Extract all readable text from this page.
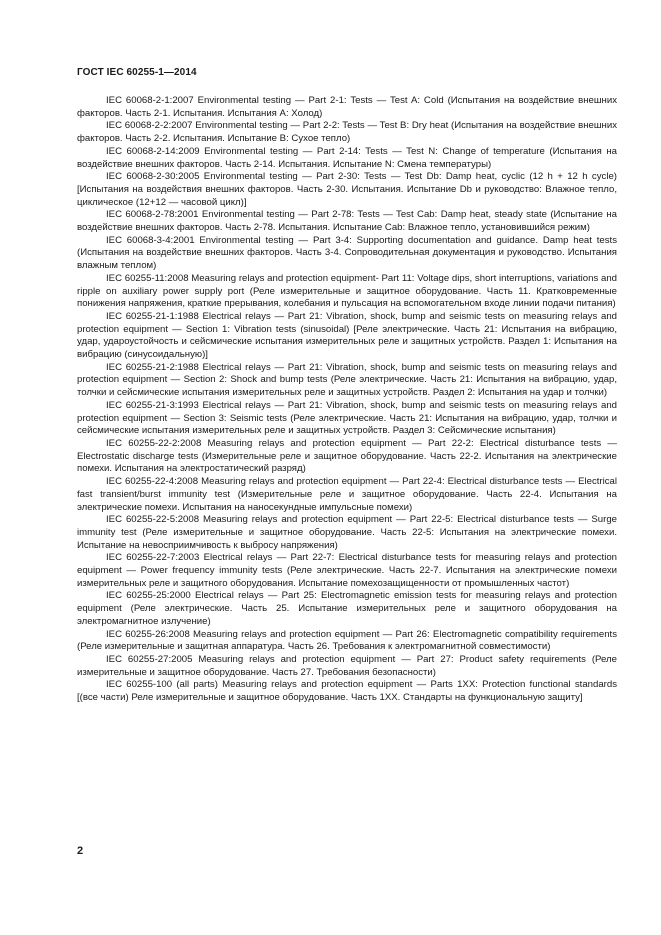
ГОСТ IEC 60255-1—2014

IEC 60068-2-1:2007 Environmental testing — Part 2-1: Tests — Test A: Cold (Испытания на воздействие внешних факторов. Часть 2-1. Испытания. Испытания А: Холод)

IEC 60068-2-2:2007 Environmental testing — Part 2-2: Tests — Test B: Dry heat (Испытания на воздействие внешних факторов. Часть 2-2. Испытания. Испытание В: Сухое тепло)

IEC 60068-2-14:2009 Environmental testing — Part 2-14: Tests — Test N: Change of temperature (Испытания на воздействие внешних факторов. Часть 2-14. Испытания. Испытание N: Смена температуры)

IEC 60068-2-30:2005 Environmental testing — Part 2-30: Tests — Test Db: Damp heat, cyclic (12 h + 12 h cycle) [Испытания на воздействия внешних факторов. Часть 2-30. Испытания. Испытание Db и руководство: Влажное тепло, циклическое (12+12 — часовой цикл)]

IEC 60068-2-78:2001 Environmental testing — Part 2-78: Tests — Test Cab: Damp heat, steady state (Испытание на воздействие внешних факторов. Часть 2-78. Испытания. Испытание Cab: Влажное тепло, установившийся режим)

IEC 60068-3-4:2001 Environmental testing — Part 3-4: Supporting documentation and guidance. Damp heat tests (Испытания на воздействие внешних факторов. Часть 3-4. Сопроводительная документация и руководство. Испытания влажным теплом)

IEC 60255-11:2008 Measuring relays and protection equipment- Part 11: Voltage dips, short interruptions, variations and ripple on auxiliary power supply port (Реле измерительные и защитное оборудование. Часть 11. Кратковременные понижения напряжения, краткие прерывания, колебания и пульсация на вспомогательном входе линии подачи питания)

IEC 60255-21-1:1988 Electrical relays — Part 21: Vibration, shock, bump and seismic tests on measuring relays and protection equipment — Section 1: Vibration tests (sinusoidal) [Реле электрические. Часть 21: Испытания на вибрацию, удар, удароустойчость и сейсмические испытания измерительных реле и защитных устройств. Раздел 1: Испытания на вибрацию (синусоидальную)]

IEC 60255-21-2:1988 Electrical relays — Part 21: Vibration, shock, bump and seismic tests on measuring relays and protection equipment — Section 2: Shock and bump tests (Реле электрические. Часть 21: Испытания на вибрацию, удар, толчки и сейсмические испытания измерительных реле и защитных устройств. Раздел 2: Испытания на удар и толчки)

IEC 60255-21-3:1993 Electrical relays — Part 21: Vibration, shock, bump and seismic tests on measuring relays and protection equipment — Section 3: Seismic tests (Реле электрические. Часть 21: Испытания на вибрацию, удар, толчки и сейсмические испытания измерительных реле и защитных устройств. Раздел 3: Сейсмические испытания)

IEC 60255-22-2:2008 Measuring relays and protection equipment — Part 22-2: Electrical disturbance tests — Electrostatic discharge tests (Измерительные реле и защитное оборудование. Часть 22-2. Испытания на электрические помехи. Испытания на электростатический разряд)

IEC 60255-22-4:2008 Measuring relays and protection equipment — Part 22-4: Electrical disturbance tests — Electrical fast transient/burst immunity test (Измерительные реле и защитное оборудование. Часть 22-4. Испытания на электрические помехи. Испытания на наносекундные импульсные помехи)

IEC 60255-22-5:2008 Measuring relays and protection equipment — Part 22-5: Electrical disturbance tests — Surge immunity test (Реле измерительные и защитное оборудование. Часть 22-5: Испытания на электрические помехи. Испытание на невосприимчивость к выбросу напряжения)

IEC 60255-22-7:2003 Electrical relays — Part 22-7: Electrical disturbance tests for measuring relays and protection equipment — Power frequency immunity tests (Реле электрические. Часть 22-7. Испытания на электрические помехи измерительных реле и защитного оборудования. Испытание помехозащищенности от промышленных частот)

IEC 60255-25:2000 Electrical relays — Part 25: Electromagnetic emission tests for measuring relays and protection equipment (Реле электрические. Часть 25. Испытание измерительных реле и защитного оборудования на электромагнитное излучение)

IEC 60255-26:2008 Measuring relays and protection equipment — Part 26: Electromagnetic compatibility requirements (Реле измерительные и защитная аппаратура. Часть 26. Требования к электромагнитной совместимости)

IEC 60255-27:2005 Measuring relays and protection equipment — Part 27: Product safety requirements (Реле измерительные и защитное оборудование. Часть 27. Требования безопасности)

IEC 60255-100 (all parts) Measuring relays and protection equipment — Parts 1XX: Protection functional standards [(все части) Реле измерительные и защитное оборудование. Часть 1ХХ. Стандарты на функциональную защиту]

2
